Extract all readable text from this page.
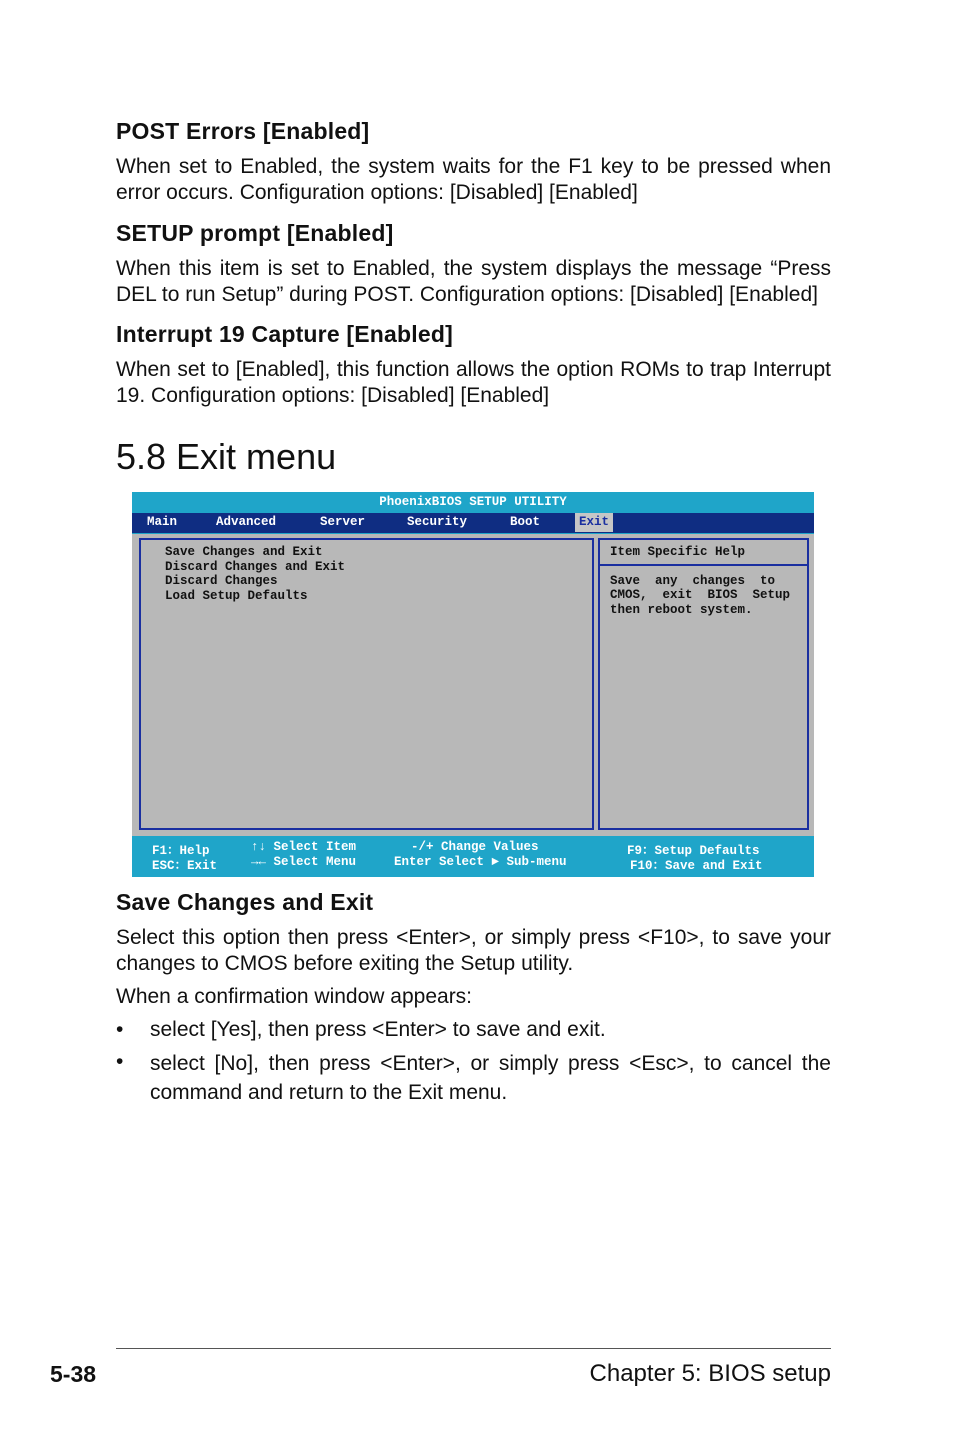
POST Errors [Enabled]

When set to Enabled, the system waits for the F1 key to be pressed when error occurs. Configuration options: [Disabled] [Enabled]

SETUP prompt [Enabled]

When this item is set to Enabled, the system displays the message “Press DEL to run Setup” during POST. Configuration options: [Disabled] [Enabled]

Interrupt 19 Capture [Enabled]

When set to [Enabled], this function allows the option ROMs to trap Interrupt 19. Configuration options: [Disabled] [Enabled]

5.8 Exit menu
PhoenixBIOS SETUP UTILITY
Main	Advanced	Server	Security	Boot	Exit
Save Changes and Exit
Discard Changes and Exit
Discard Changes
Load Setup Defaults
Item Specific Help
Save  any  changes  to
CMOS,  exit  BIOS  Setup
then reboot system.
F1：Help
ESC：Exit
↑↓ Select Item
→← Select Menu
-/+ Change Values
Enter Select ► Sub-menu
F9：Setup Defaults
F10：Save and Exit
Save Changes and Exit

Select this option then press <Enter>, or simply press <F10>, to save your changes to CMOS before exiting the Setup utility.

When a confirmation window appears:

• select [Yes], then press <Enter> to save and exit.

• select [No], then press <Enter>, or simply press <Esc>, to cancel the command and return to the Exit menu.

5-38	Chapter 5: BIOS setup
